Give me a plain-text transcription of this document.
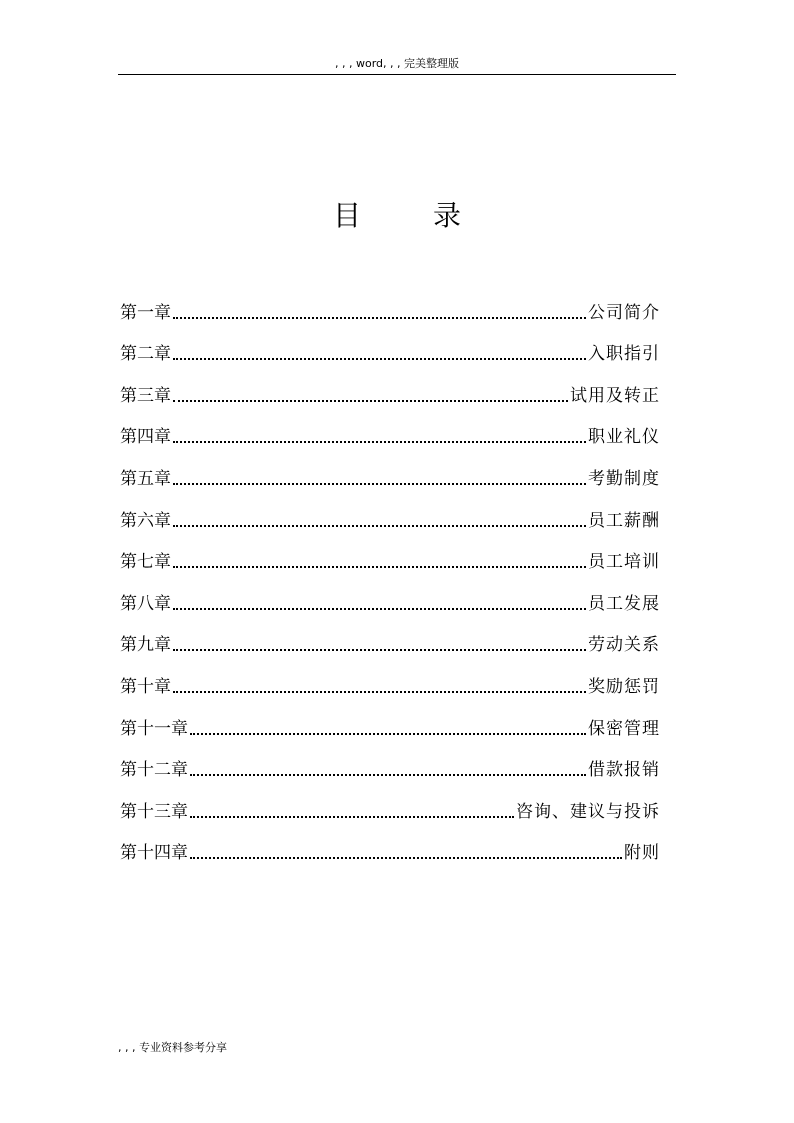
, , , word, , , 完美整理版
目	录
第一章	公司简介
第二章	入职指引
第三章	试用及转正
第四章	职业礼仪
第五章	考勤制度
第六章	员工薪酬
第七章	员工培训
第八章	员工发展
第九章	劳动关系
第十章	奖励惩罚
第十一章	保密管理
第十二章	借款报销
第十三章	咨询、建议与投诉
第十四章	附则
, , , 专业资料参考分享
